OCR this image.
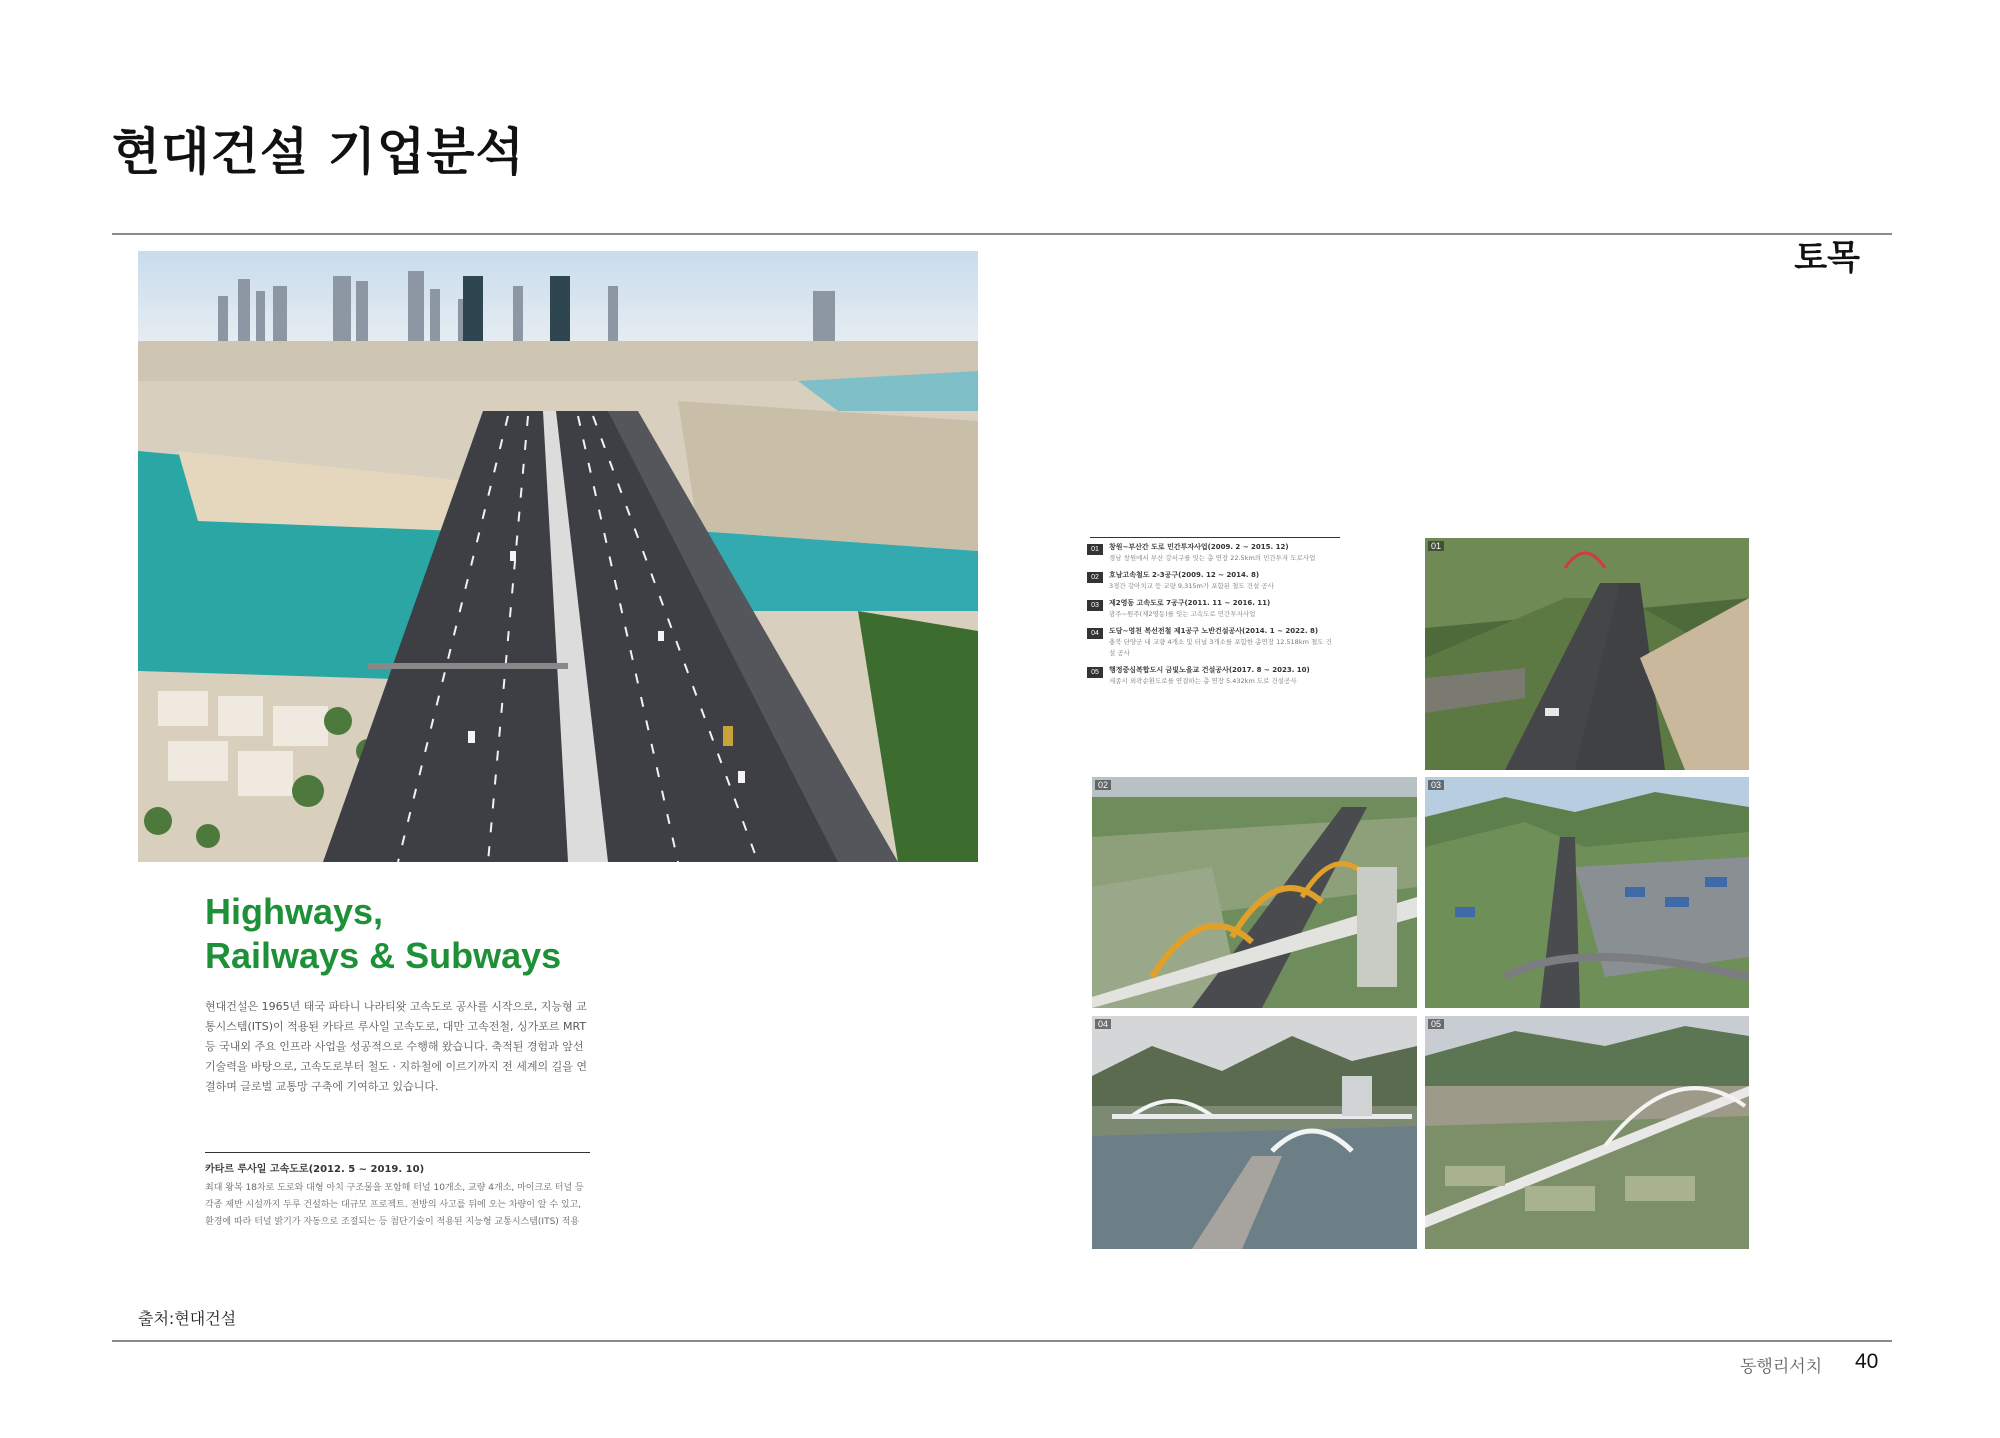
현대건설 기업분석
토목
Highways,
Railways & Subways
현대건설은 1965년 태국 파타니 나라티왓 고속도로 공사를 시작으로, 지능형 교통시스템(ITS)이 적용된 카타르 루사일 고속도로, 대만 고속전철, 싱가포르 MRT 등 국내외 주요 인프라 사업을 성공적으로 수행해 왔습니다. 축적된 경험과 앞선 기술력을 바탕으로, 고속도로부터 철도 · 지하철에 이르기까지 전 세계의 길을 연결하며 글로벌 교통망 구축에 기여하고 있습니다.
카타르 루사일 고속도로(2012. 5 ~ 2019. 10)
최대 왕복 18차로 도로와 대형 아치 구조물을 포함해 터널 10개소, 교량 4개소, 마이크로 터널 등 각종 제반 시설까지 두루 건설하는 대규모 프로젝트. 전방의 사고를 뒤에 오는 차량이 알 수 있고, 환경에 따라 터널 밝기가 자동으로 조절되는 등 첨단기술이 적용된 지능형 교통시스템(ITS) 적용
01	창원~부산간 도로 민간투자사업(2009. 2 ~ 2015. 12)
경남 창원에서 부산 강서구를 잇는 총 연장 22.5km의 민간투자 도로사업
02	호남고속철도 2-3공구(2009. 12 ~ 2014. 8)
3경간 강아치교 등 교량 9,315m가 포함된 철도 건설 공사
03	제2영동 고속도로 7공구(2011. 11 ~ 2016. 11)
광주~원주(제2영동)를 잇는 고속도로 민간투자사업
04	도담~영천 복선전철 제1공구 노반건설공사(2014. 1 ~ 2022. 8)
충북 단양군 내 교량 4개소 및 터널 3개소를 포함한 총연장 12.518km 철도 건설 공사
05	행정중심복합도시 금빛노을교 건설공사(2017. 8 ~ 2023. 10)
세종시 외곽순환도로를 연결하는 총 연장 5.432km 도로 건설공사
01
02	03
04	05
출처:현대건설
동행리서치 40
